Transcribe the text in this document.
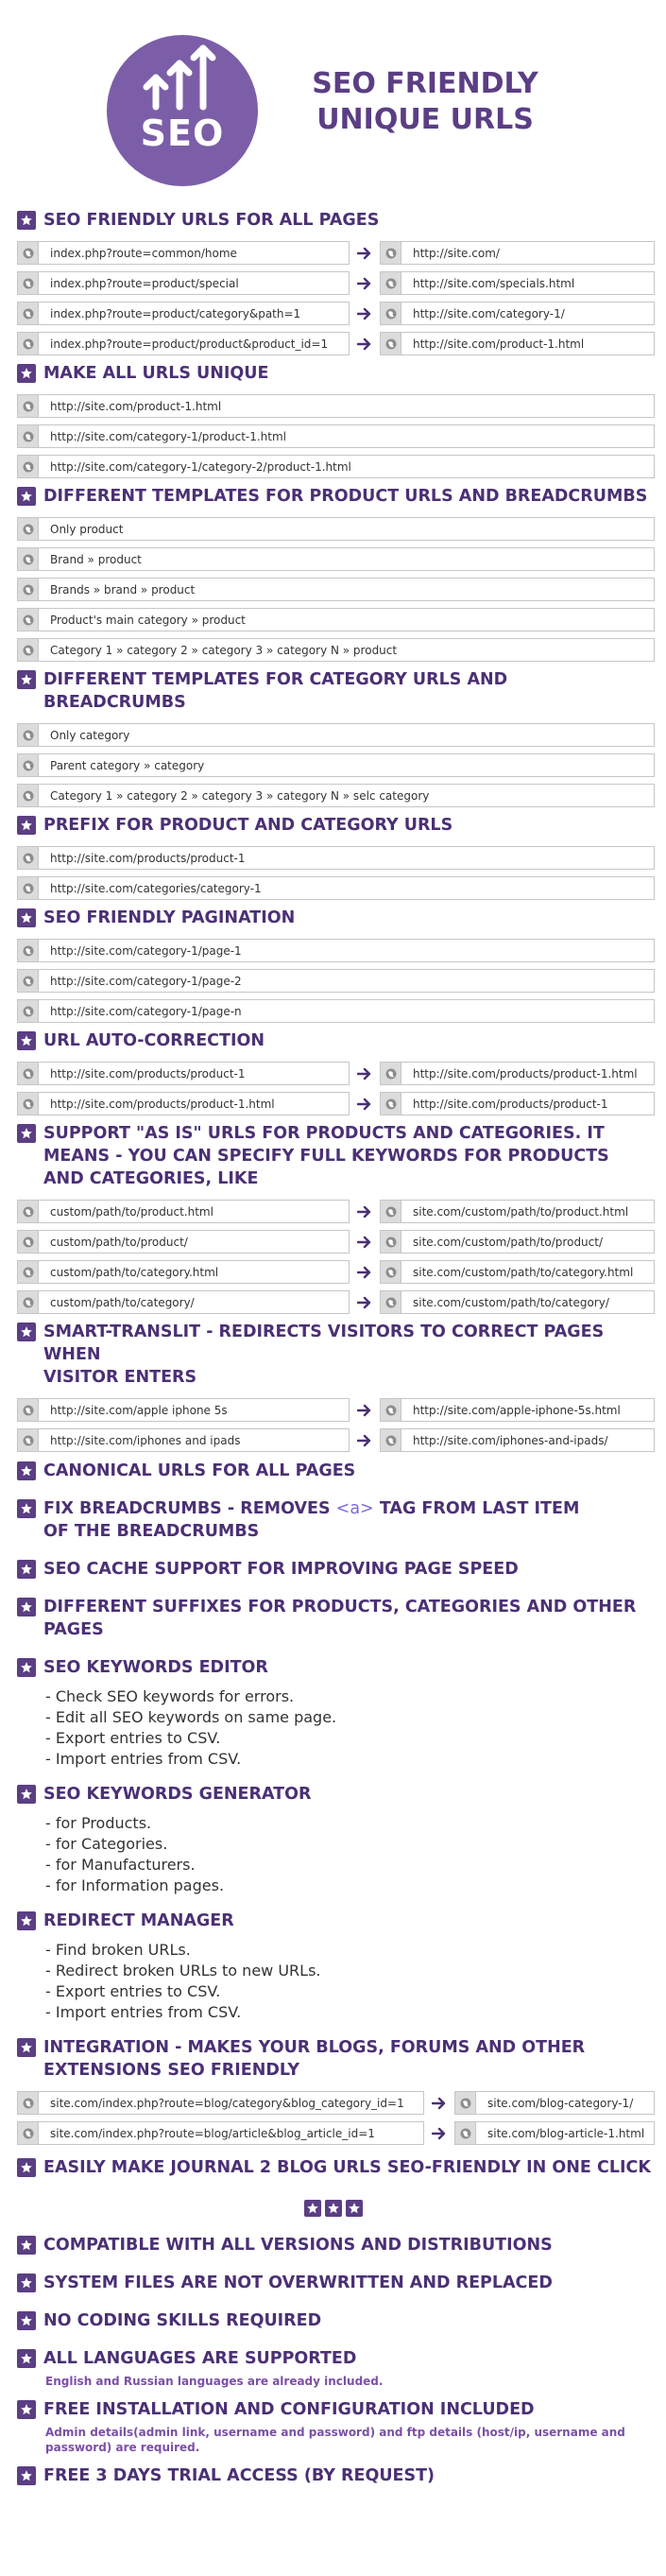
SEO
SEO FRIENDLY
UNIQUE URLS
SEO FRIENDLY URLS FOR ALL PAGES
index.php?route=common/home	http://site.com/
index.php?route=product/special	http://site.com/specials.html
index.php?route=product/category&path=1	http://site.com/category-1/
index.php?route=product/product&product_id=1	http://site.com/product-1.html
MAKE ALL URLS UNIQUE
http://site.com/product-1.html
http://site.com/category-1/product-1.html
http://site.com/category-1/category-2/product-1.html
DIFFERENT TEMPLATES FOR PRODUCT URLS AND BREADCRUMBS
Only product
Brand » product
Brands » brand » product
Product's main category » product
Category 1 » category 2 » category 3 » category N » product
DIFFERENT TEMPLATES FOR CATEGORY URLS AND BREADCRUMBS
Only category
Parent category » category
Category 1 » category 2 » category 3 » category N » selc category
PREFIX FOR PRODUCT AND CATEGORY URLS
http://site.com/products/product-1
http://site.com/categories/category-1
SEO FRIENDLY PAGINATION
http://site.com/category-1/page-1
http://site.com/category-1/page-2
http://site.com/category-1/page-n
URL AUTO-CORRECTION
http://site.com/products/product-1	http://site.com/products/product-1.html
http://site.com/products/product-1.html	http://site.com/products/product-1
SUPPORT "AS IS" URLS FOR PRODUCTS AND CATEGORIES. IT
MEANS - YOU CAN SPECIFY FULL KEYWORDS FOR PRODUCTS
AND CATEGORIES, LIKE
custom/path/to/product.html	site.com/custom/path/to/product.html
custom/path/to/product/	site.com/custom/path/to/product/
custom/path/to/category.html	site.com/custom/path/to/category.html
custom/path/to/category/	site.com/custom/path/to/category/
SMART-TRANSLIT - REDIRECTS VISITORS TO CORRECT PAGES WHEN
VISITOR ENTERS
http://site.com/apple iphone 5s	http://site.com/apple-iphone-5s.html
http://site.com/iphones and ipads	http://site.com/iphones-and-ipads/
CANONICAL URLS FOR ALL PAGES
FIX BREADCRUMBS - REMOVES <a> TAG FROM LAST ITEM
OF THE BREADCRUMBS
SEO CACHE SUPPORT FOR IMPROVING PAGE SPEED
DIFFERENT SUFFIXES FOR PRODUCTS, CATEGORIES AND OTHER PAGES
SEO KEYWORDS EDITOR
- Check SEO keywords for errors.
- Edit all SEO keywords on same page.
- Export entries to CSV.
- Import entries from CSV.
SEO KEYWORDS GENERATOR
- for Products.
- for Categories.
- for Manufacturers.
- for Information pages.
REDIRECT MANAGER
- Find broken URLs.
- Redirect broken URLs to new URLs.
- Export entries to CSV.
- Import entries from CSV.
INTEGRATION - MAKES YOUR BLOGS, FORUMS AND OTHER
EXTENSIONS SEO FRIENDLY
site.com/index.php?route=blog/category&blog_category_id=1	site.com/blog-category-1/
site.com/index.php?route=blog/article&blog_article_id=1	site.com/blog-article-1.html
EASILY MAKE JOURNAL 2 BLOG URLS SEO-FRIENDLY IN ONE CLICK
COMPATIBLE WITH ALL VERSIONS AND DISTRIBUTIONS
SYSTEM FILES ARE NOT OVERWRITTEN AND REPLACED
NO CODING SKILLS REQUIRED
ALL LANGUAGES ARE SUPPORTED
English and Russian languages are already included.
FREE INSTALLATION AND CONFIGURATION INCLUDED
Admin details(admin link, username and password) and ftp details (host/ip, username and
password) are required.
FREE 3 DAYS TRIAL ACCESS (BY REQUEST)
